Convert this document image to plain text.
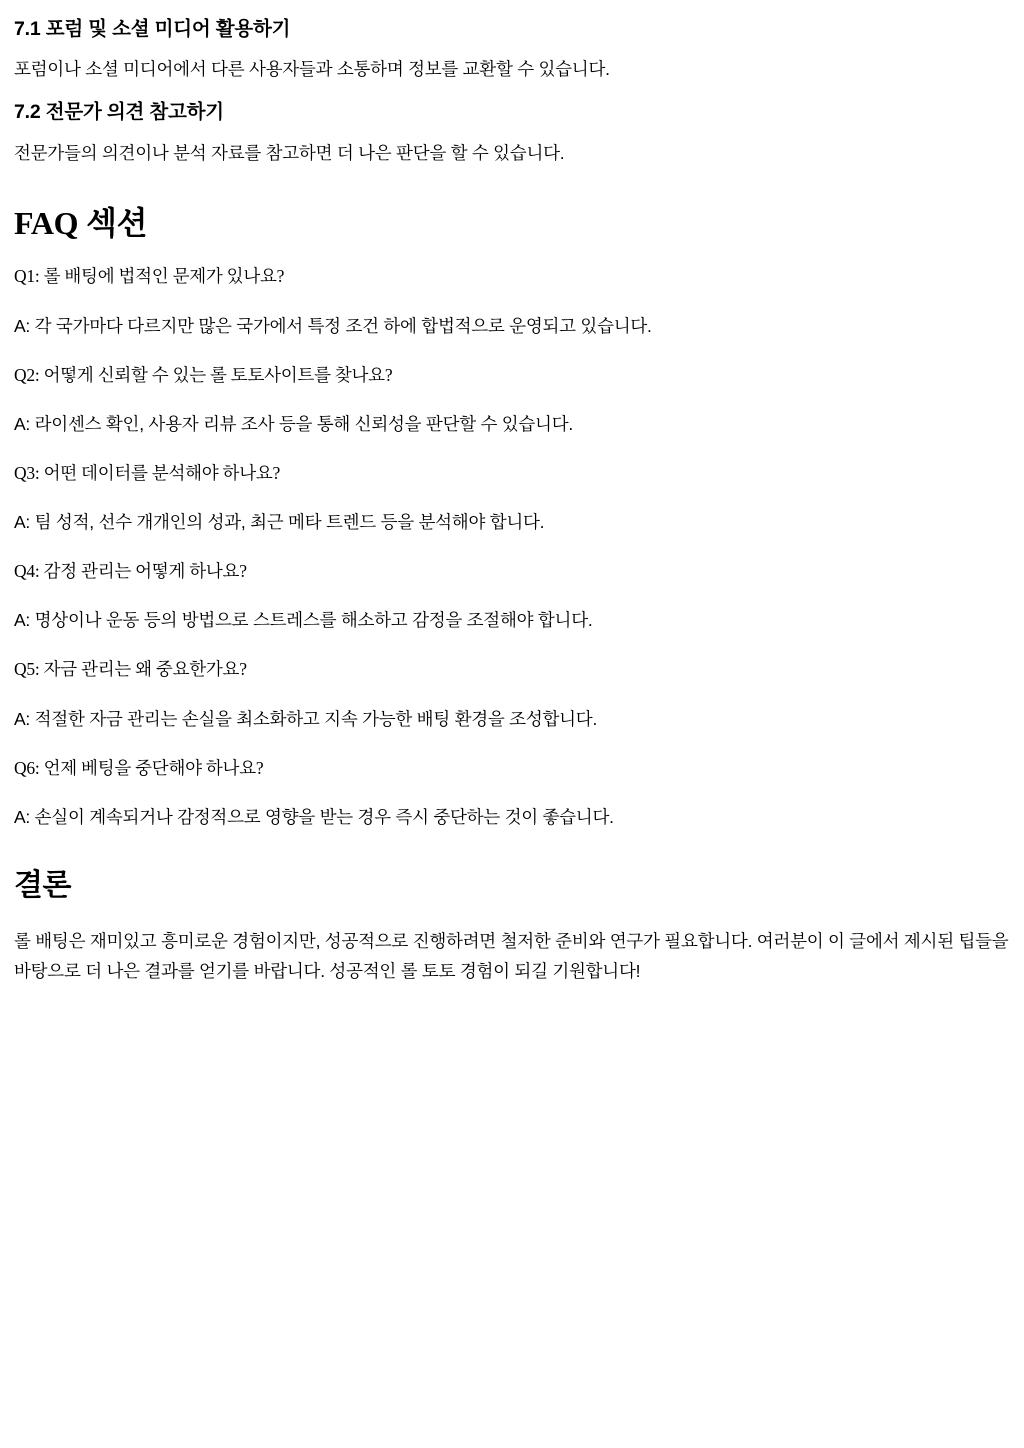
7.1 포럼 및 소셜 미디어 활용하기

포럼이나 소셜 미디어에서 다른 사용자들과 소통하며 정보를 교환할 수 있습니다.

7.2 전문가 의견 참고하기

전문가들의 의견이나 분석 자료를 참고하면 더 나은 판단을 할 수 있습니다.

FAQ 섹션

Q1: 롤 배팅에 법적인 문제가 있나요?

A: 각 국가마다 다르지만 많은 국가에서 특정 조건 하에 합법적으로 운영되고 있습니다.

Q2: 어떻게 신뢰할 수 있는 롤 토토사이트를 찾나요?

A: 라이센스 확인, 사용자 리뷰 조사 등을 통해 신뢰성을 판단할 수 있습니다.

Q3: 어떤 데이터를 분석해야 하나요?

A: 팀 성적, 선수 개개인의 성과, 최근 메타 트렌드 등을 분석해야 합니다.

Q4: 감정 관리는 어떻게 하나요?

A: 명상이나 운동 등의 방법으로 스트레스를 해소하고 감정을 조절해야 합니다.

Q5: 자금 관리는 왜 중요한가요?

A: 적절한 자금 관리는 손실을 최소화하고 지속 가능한 배팅 환경을 조성합니다.

Q6: 언제 베팅을 중단해야 하나요?

A: 손실이 계속되거나 감정적으로 영향을 받는 경우 즉시 중단하는 것이 좋습니다.

결론

롤 배팅은 재미있고 흥미로운 경험이지만, 성공적으로 진행하려면 철저한 준비와 연구가 필요합니다. 여러분이 이 글에서 제시된 팁들을 바탕으로 더 나은 결과를 얻기를 바랍니다. 성공적인 롤 토토 경험이 되길 기원합니다!
